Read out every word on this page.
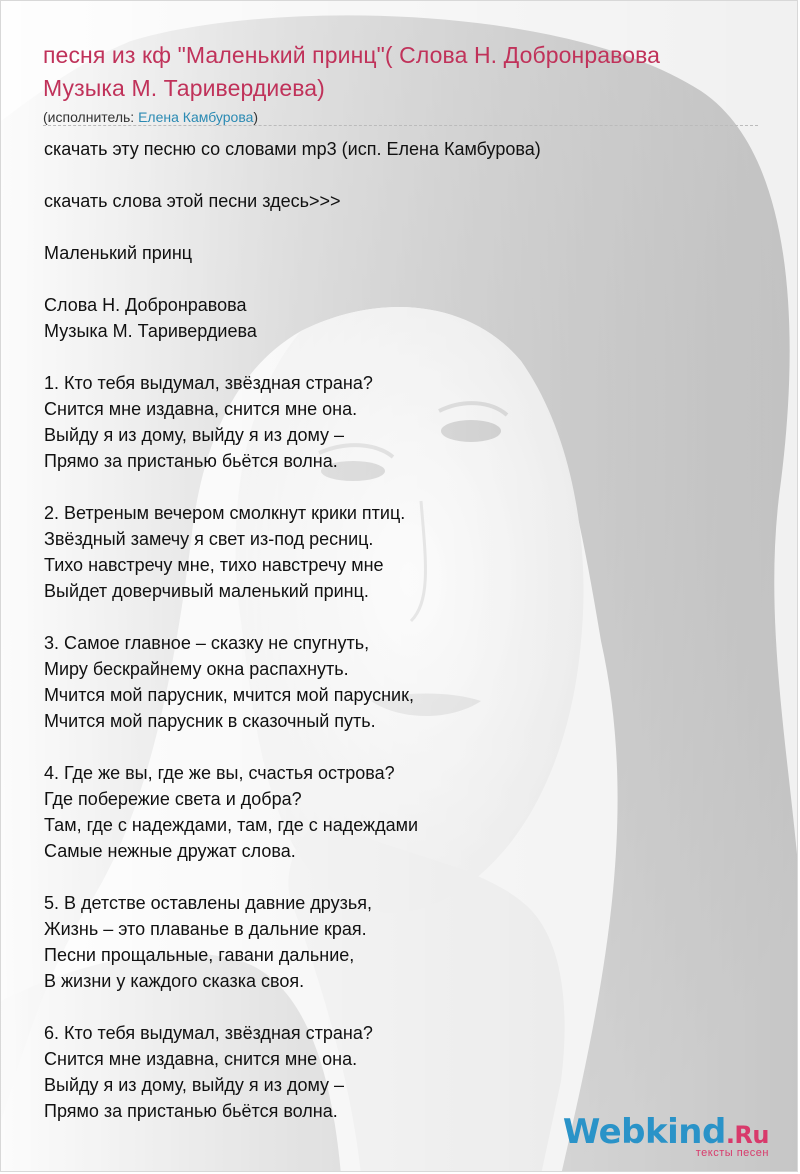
песня из кф "Маленький принц"( Слова Н. Добронравова
Музыка М. Таривердиева)
(исполнитель: Елена Камбурова)
скачать эту песню со словами mp3 (исп. Елена Камбурова)
скачать слова этой песни здесь>>>
Маленький принц
Слова Н. Добронравова
Музыка М. Таривердиева
1. Кто тебя выдумал, звёздная страна?
Снится мне издавна, снится мне она.
Выйду я из дому, выйду я из дому –
Прямо за пристанью бьётся волна.
2. Ветреным вечером смолкнут крики птиц.
Звёздный замечу я свет из-под ресниц.
Тихо навстречу мне, тихо навстречу мне
Выйдет доверчивый маленький принц.
3. Самое главное – сказку не спугнуть,
Миру бескрайнему окна распахнуть.
Мчится мой парусник, мчится мой парусник,
Мчится мой парусник в сказочный путь.
4. Где же вы, где же вы, счастья острова?
Где побережие света и добра?
Там, где с надеждами, там, где с надеждами
Самые нежные дружат слова.
5. В детстве оставлены давние друзья,
Жизнь – это плаванье в дальние края.
Песни прощальные, гавани дальние,
В жизни у каждого сказка своя.
6. Кто тебя выдумал, звёздная страна?
Снится мне издавна, снится мне она.
Выйду я из дому, выйду я из дому –
Прямо за пристанью бьётся волна.
Webkind.Ru
тексты песен
